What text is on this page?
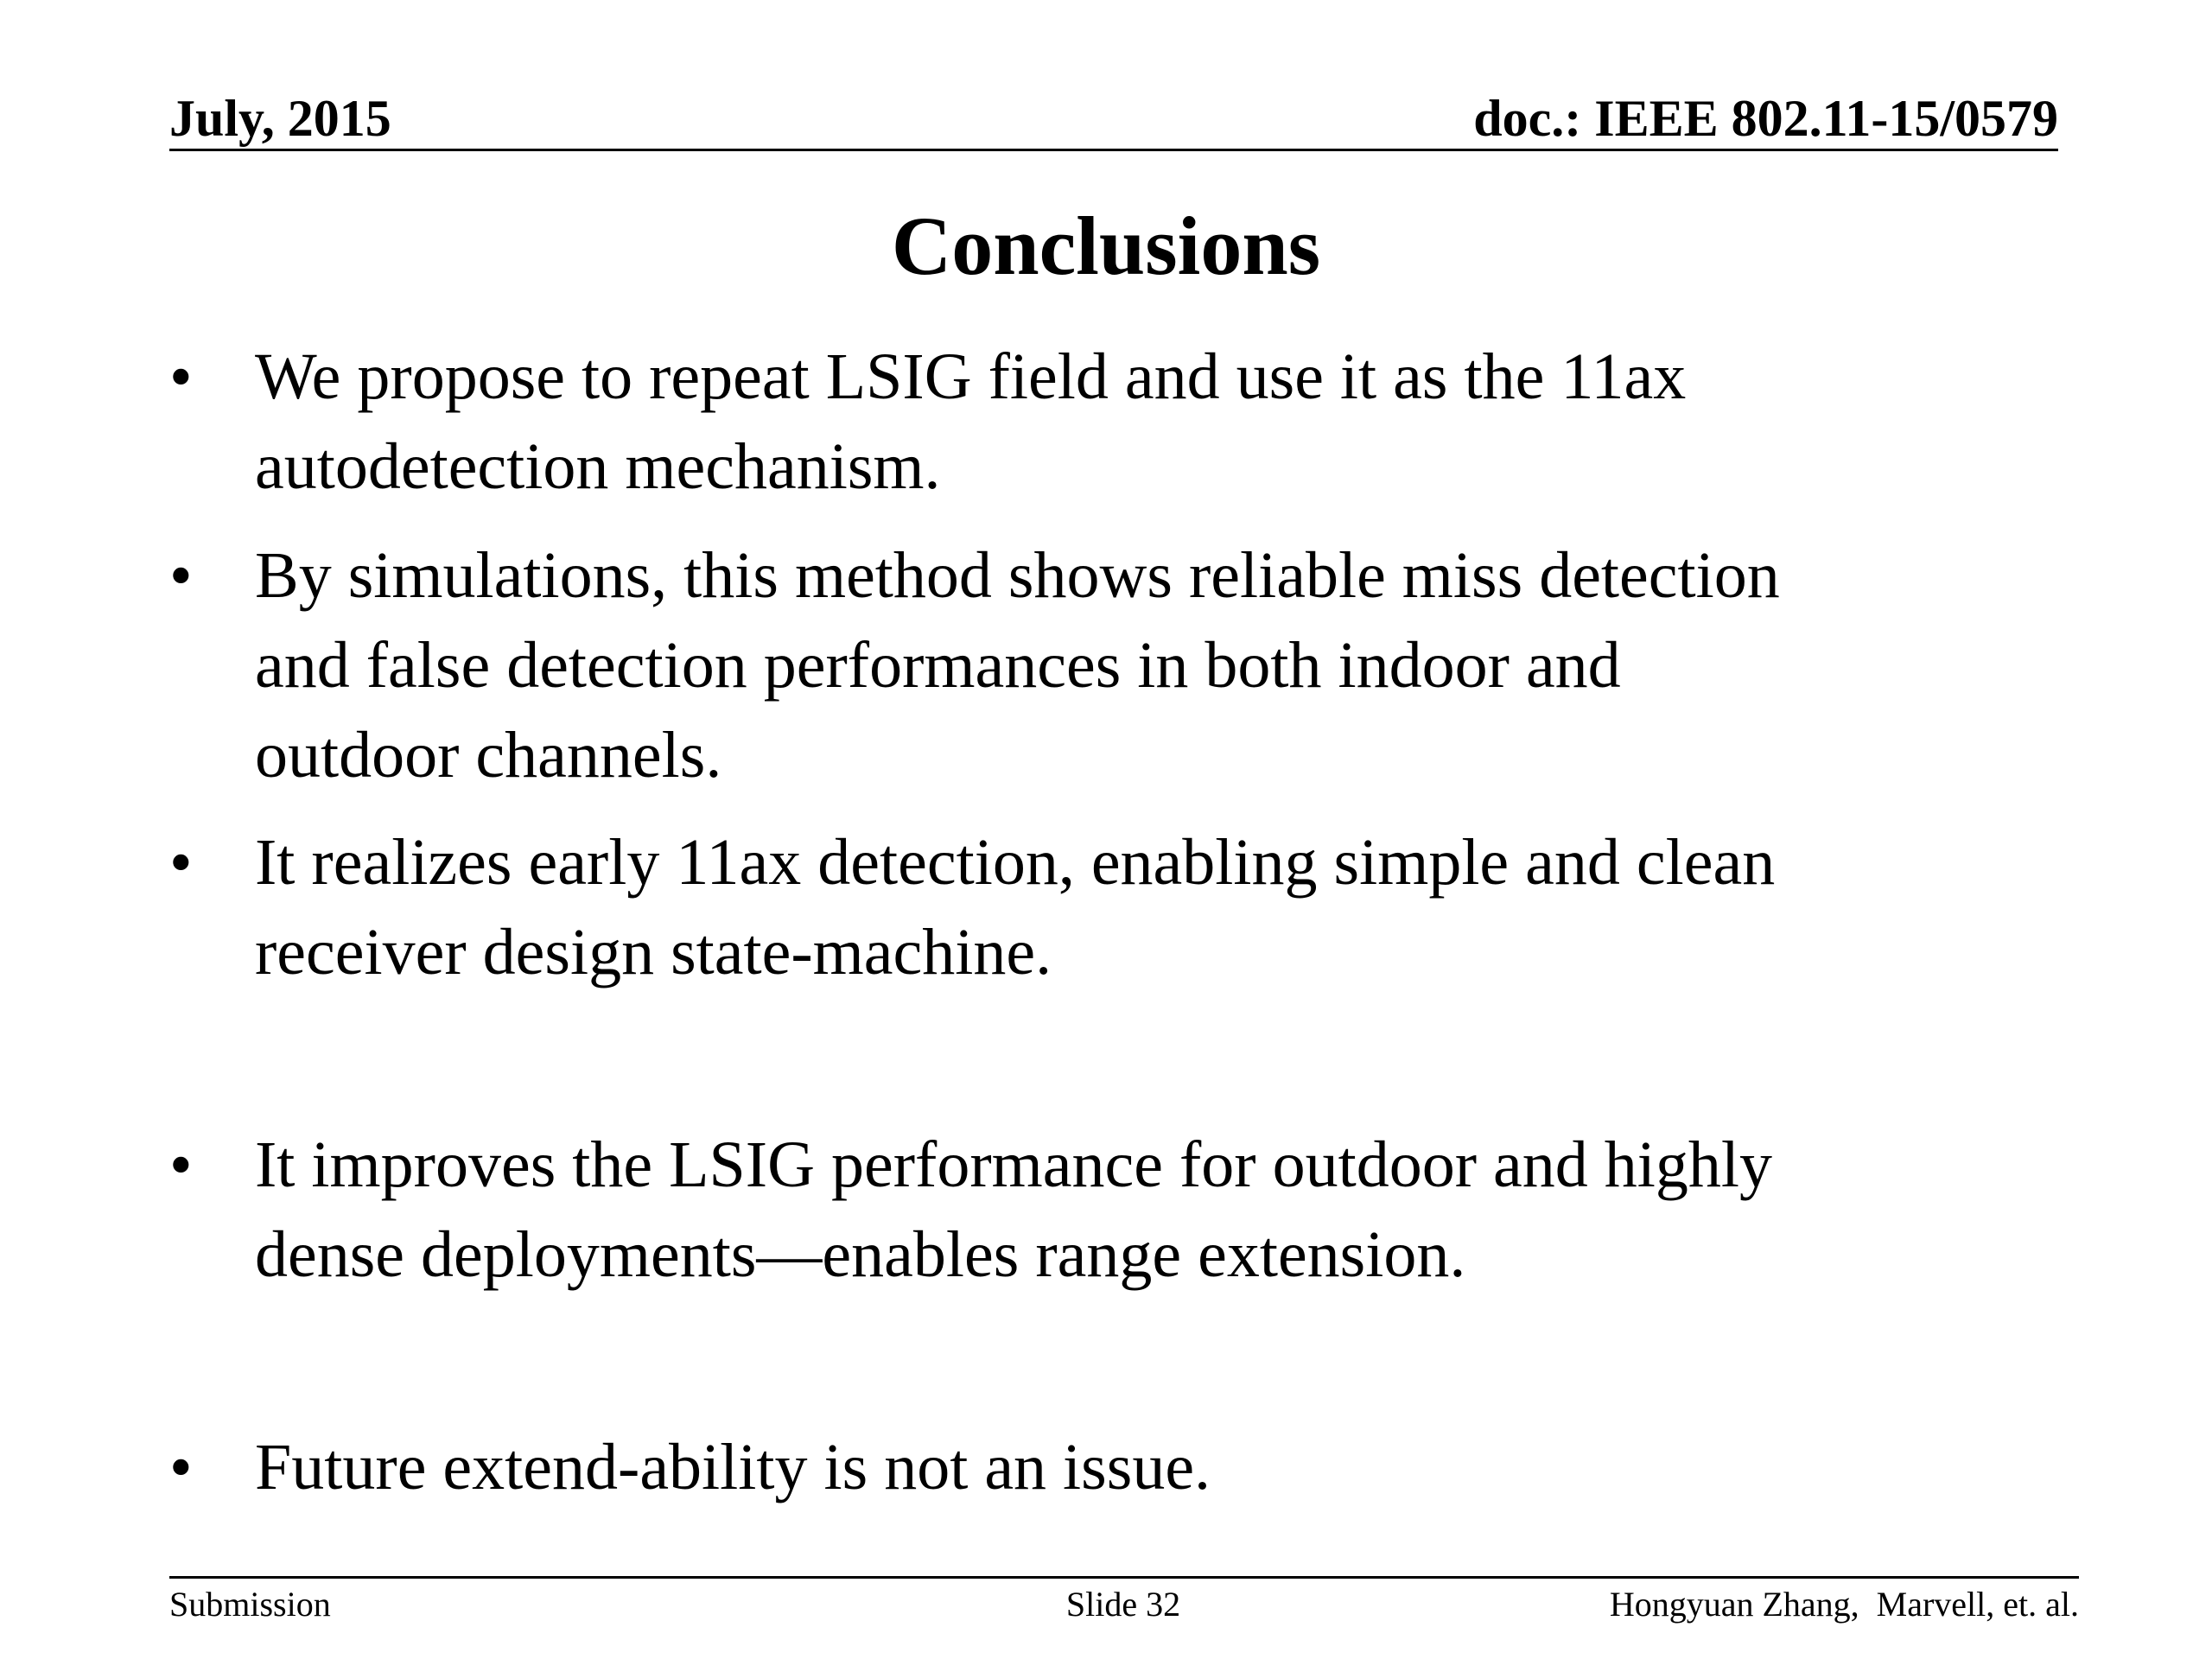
July, 2015	doc.: IEEE 802.11-15/0579
Conclusions
• We propose to repeat LSIG field and use it as the 11ax
autodetection mechanism.
• By simulations, this method shows reliable miss detection
and false detection performances in both indoor and
outdoor channels.
• It realizes early 11ax detection, enabling simple and clean
receiver design state-machine.
• It improves the LSIG performance for outdoor and highly
dense deployments—enables range extension.
• Future extend-ability is not an issue.
Submission	Slide 32	Hongyuan Zhang,  Marvell, et. al.
